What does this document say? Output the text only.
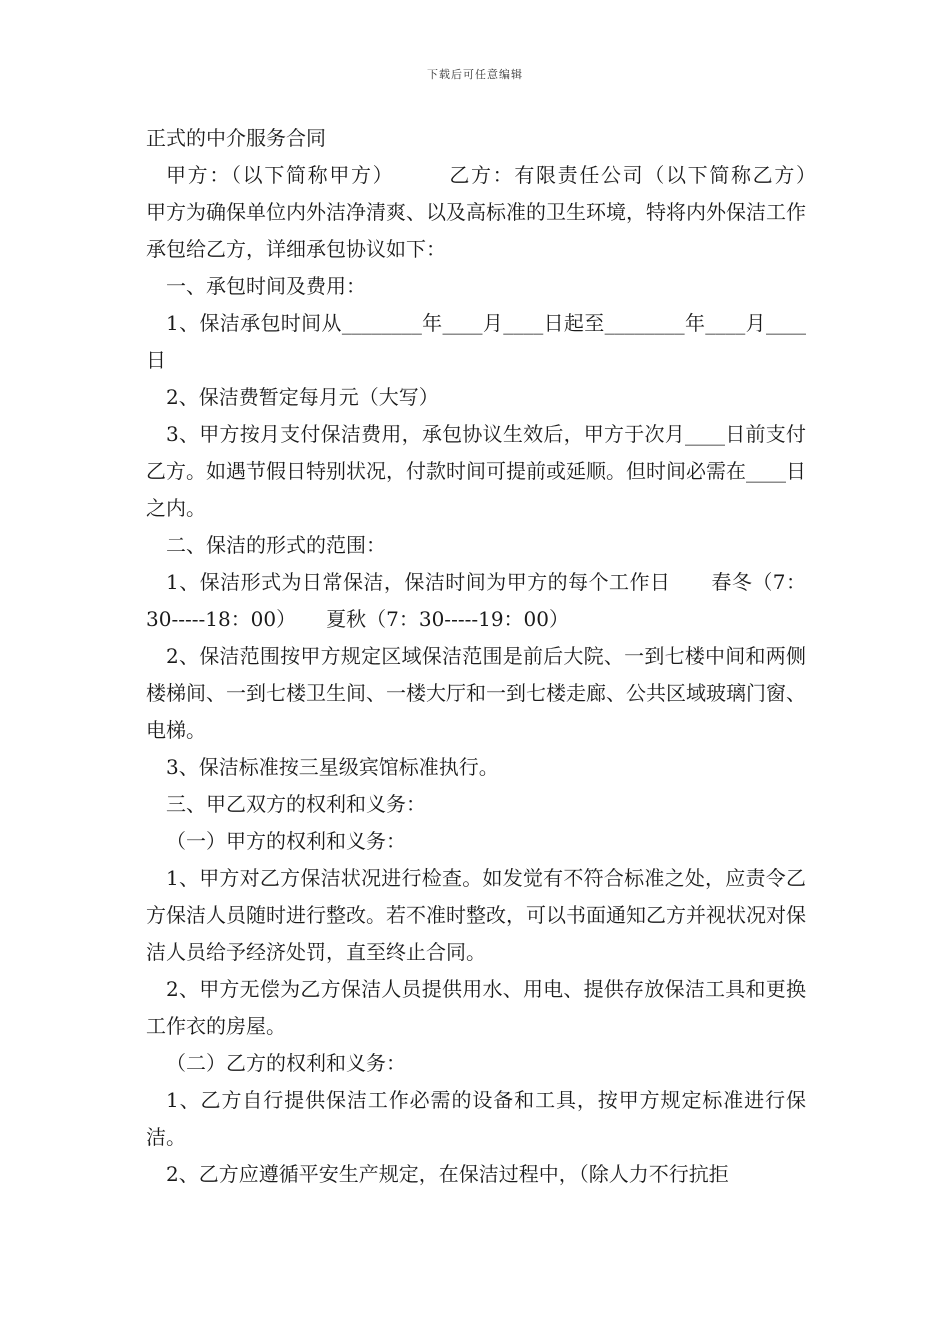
下载后可任意编辑

正式的中介服务合同

甲方：（以下简称甲方）　　　乙方：有限责任公司（以下简称乙方）　　　甲方为确保单位内外洁净清爽、以及高标准的卫生环境，特将内外保洁工作承包给乙方，详细承包协议如下：

一、承包时间及费用：

1、保洁承包时间从________年____月____日起至________年____月____日

2、保洁费暂定每月元（大写）

3、甲方按月支付保洁费用，承包协议生效后，甲方于次月____日前支付乙方。如遇节假日特别状况，付款时间可提前或延顺。但时间必需在____日之内。

二、保洁的形式的范围：

1、保洁形式为日常保洁，保洁时间为甲方的每个工作日　　春冬（7：30-----18：00）　　夏秋（7：30-----19：00）

2、保洁范围按甲方规定区域保洁范围是前后大院、一到七楼中间和两侧楼梯间、一到七楼卫生间、一楼大厅和一到七楼走廊、公共区域玻璃门窗、电梯。

3、保洁标准按三星级宾馆标准执行。

三、甲乙双方的权利和义务：

（一）甲方的权利和义务：

1、甲方对乙方保洁状况进行检查。如发觉有不符合标准之处，应责令乙方保洁人员随时进行整改。若不准时整改，可以书面通知乙方并视状况对保洁人员给予经济处罚，直至终止合同。

2、甲方无偿为乙方保洁人员提供用水、用电、提供存放保洁工具和更换工作衣的房屋。

（二）乙方的权利和义务：

1、乙方自行提供保洁工作必需的设备和工具，按甲方规定标准进行保洁。

2、乙方应遵循平安生产规定，在保洁过程中，（除人力不行抗拒
